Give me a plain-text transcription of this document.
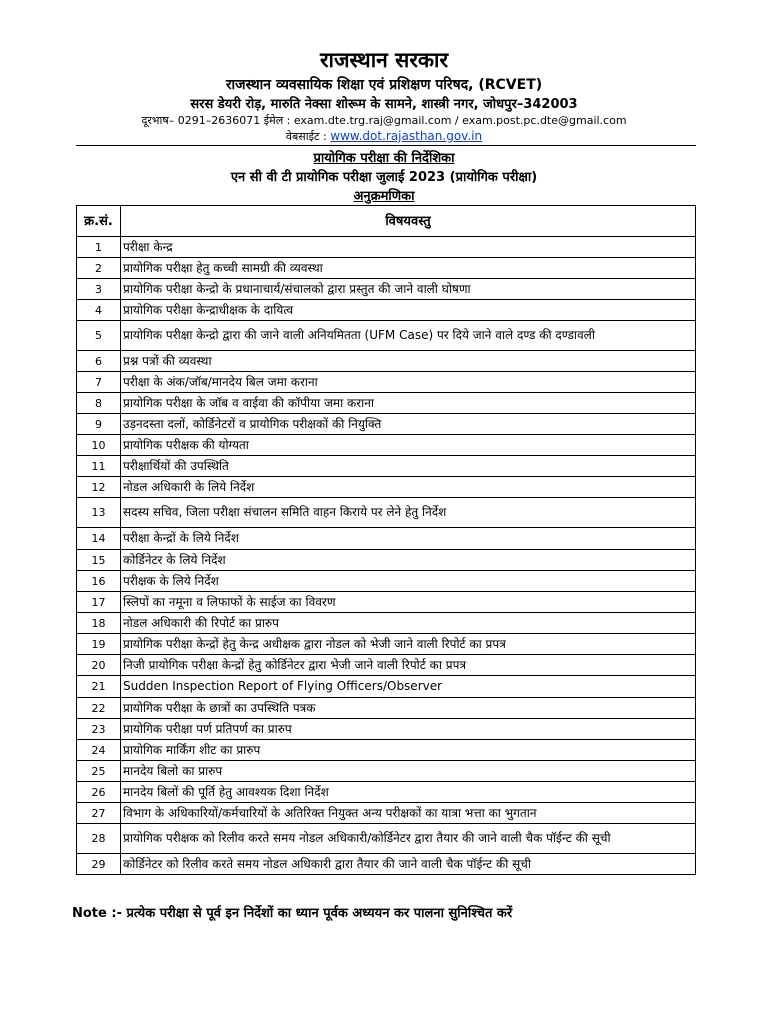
राजस्थान सरकार
राजस्थान व्यवसायिक शिक्षा एवं प्रशिक्षण परिषद, (RCVET)
सरस डेयरी रोड़, मारुति नेक्सा शोरूम के सामने, शास्त्री नगर, जोधपुर–342003
दूरभाष– 0291–2636071 ईमेल : exam.dte.trg.raj@gmail.com / exam.post.pc.dte@gmail.com
वेबसाईट : www.dot.rajasthan.gov.in
प्रायोगिक परीक्षा की निर्देशिका
एन सी वी टी प्रायोगिक परीक्षा जुलाई 2023 (प्रायोगिक परीक्षा)
अनुक्रमणिका
क्र.सं.	विषयवस्तु
1	परीक्षा केन्द्र
2	प्रायोगिक परीक्षा हेतु कच्ची सामग्री की व्यवस्था
3	प्रायोगिक परीक्षा केन्द्रो के प्रधानाचार्य/संचालको द्वारा प्रस्तुत की जाने वाली घोषणा
4	प्रायोगिक परीक्षा केन्द्राधीक्षक के दायित्व
5	प्रायोगिक परीक्षा केन्द्रो द्वारा की जाने वाली अनियमितता (UFM Case) पर दिये जाने वाले दण्ड की दण्डावली
6	प्रश्न पत्रों की व्यवस्था
7	परीक्षा के अंक/जॉब/मानदेय बिल जमा कराना
8	प्रायोगिक परीक्षा के जॉब व वाईवा की कॉपीया जमा कराना
9	उड़नदस्ता दलों, कोर्डिनेटरों व प्रायोगिक परीक्षकों की नियुक्ति
10	प्रायोगिक परीक्षक की योग्यता
11	परीक्षार्थियों की उपस्थिति
12	नोडल अधिकारी के लिये निर्देश
13	सदस्य सचिव, जिला परीक्षा संचालन समिति वाहन किराये पर लेने हेतु निर्देश
14	परीक्षा केन्द्रों के लिये निर्देश
15	कोर्डिनेटर के लिये निर्देश
16	परीक्षक के लिये निर्देश
17	स्लिपों का नमूना व लिफाफों के साईज का विवरण
18	नोडल अधिकारी की रिपोर्ट का प्रारुप
19	प्रायोगिक परीक्षा केन्द्रों हेतु केन्द्र अधीक्षक द्वारा नोडल को भेजी जाने वाली रिपोर्ट का प्रपत्र
20	निजी प्रायोगिक परीक्षा केन्द्रों हेतु कोर्डिनेटर द्वारा भेजी जाने वाली रिपोर्ट का प्रपत्र
21	Sudden Inspection Report of Flying Officers/Observer
22	प्रायोगिक परीक्षा के छात्रों का उपस्थिति पत्रक
23	प्रायोगिक परीक्षा पर्ण प्रतिपर्ण का प्रारुप
24	प्रायोगिक मार्किंग शीट का प्रारुप
25	मानदेय बिलो का प्रारुप
26	मानदेय बिलों की पूर्ति हेतु आवश्यक दिशा निर्देश
27	विभाग के अधिकारियों/कर्मचारियों के अतिरिक्त नियुक्त अन्य परीक्षकों का यात्रा भत्ता का भुगतान
28	प्रायोगिक परीक्षक को रिलीव करते समय नोडल अधिकारी/कोर्डिनेटर द्वारा तैयार की जाने वाली चैक पॉईन्ट की सूची
29	कोर्डिनेटर को रिलीव करते समय नोडल अधिकारी द्वारा तैयार की जाने वाली चैक पॉईन्ट की सूची
Note :- प्रत्येक परीक्षा से पूर्व इन निर्देशों का ध्यान पूर्वक अध्ययन कर पालना सुनिश्चित करें
